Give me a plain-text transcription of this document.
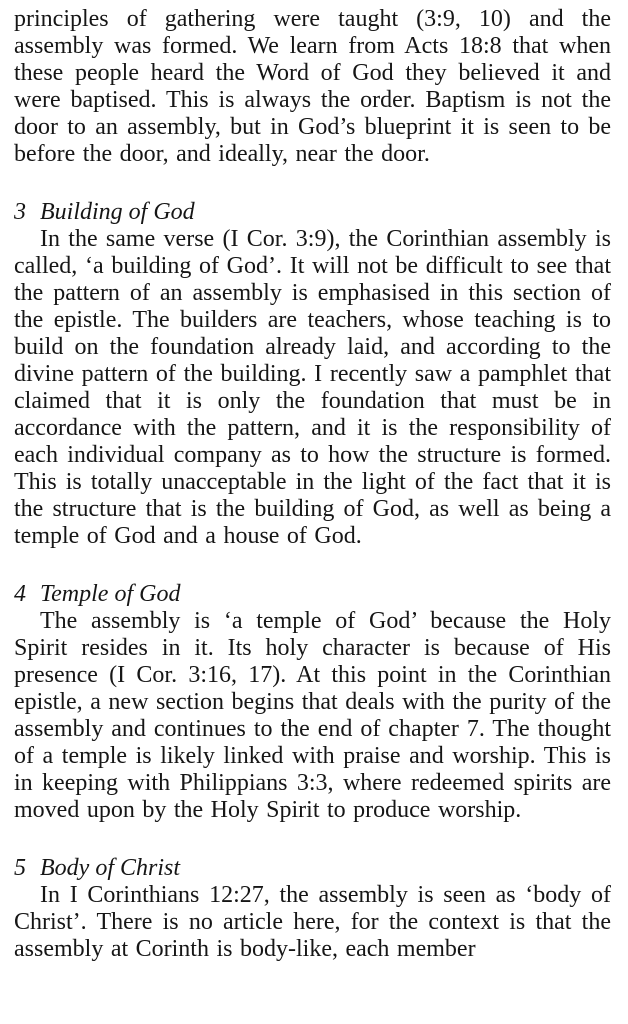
principles of gathering were taught (3:9, 10) and the assembly was formed. We learn from Acts 18:8 that when these people heard the Word of God they believed it and were baptised. This is always the order. Baptism is not the door to an assembly, but in God’s blueprint it is seen to be before the door, and ideally, near the door.

3 Building of God

In the same verse (I Cor. 3:9), the Corinthian assembly is called, ‘a building of God’. It will not be difficult to see that the pattern of an assembly is emphasised in this section of the epistle. The builders are teachers, whose teaching is to build on the foundation already laid, and according to the divine pattern of the building. I recently saw a pamphlet that claimed that it is only the foundation that must be in accordance with the pattern, and it is the responsibility of each individual company as to how the structure is formed. This is totally unacceptable in the light of the fact that it is the structure that is the building of God, as well as being a temple of God and a house of God.

4 Temple of God

The assembly is ‘a temple of God’ because the Holy Spirit resides in it. Its holy character is because of His presence (I Cor. 3:16, 17). At this point in the Corinthian epistle, a new section begins that deals with the purity of the assembly and continues to the end of chapter 7. The thought of a temple is likely linked with praise and worship. This is in keeping with Philippians 3:3, where redeemed spirits are moved upon by the Holy Spirit to produce worship.

5 Body of Christ

In I Corinthians 12:27, the assembly is seen as ‘body of Christ’. There is no article here, for the context is that the assembly at Corinth is body-like, each member
